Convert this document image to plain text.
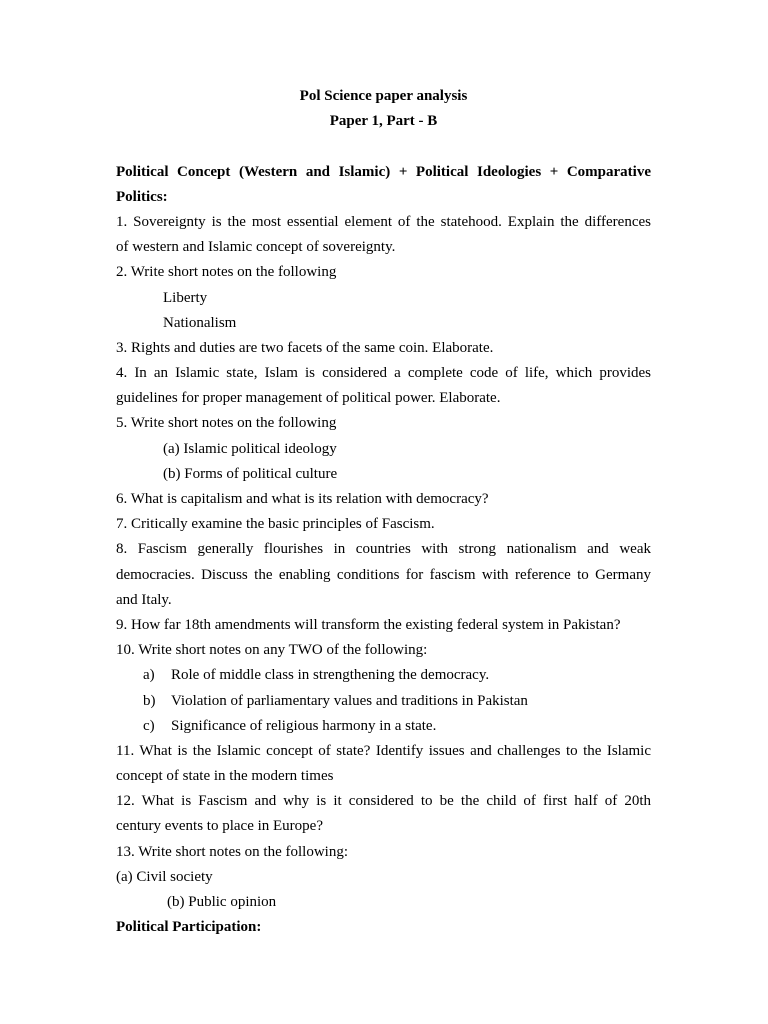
Pol Science paper analysis
Paper 1, Part - B
Political Concept (Western and Islamic) + Political Ideologies + Comparative
Politics:
1. Sovereignty is the most essential element of the statehood. Explain the differences
of western and Islamic concept of sovereignty.
2. Write short notes on the following
Liberty
Nationalism
3. Rights and duties are two facets of the same coin. Elaborate.
4. In an Islamic state, Islam is considered a complete code of life, which provides
guidelines for proper management of political power. Elaborate.
5. Write short notes on the following
(a) Islamic political ideology
(b) Forms of political culture
6. What is capitalism and what is its relation with democracy?
7. Critically examine the basic principles of Fascism.
8. Fascism generally flourishes in countries with strong nationalism and weak
democracies. Discuss the enabling conditions for fascism with reference to Germany
and Italy.
9. How far 18th amendments will transform the existing federal system in Pakistan?
10. Write short notes on any TWO of the following:
a)	Role of middle class in strengthening the democracy.
b)	Violation of parliamentary values and traditions in Pakistan
c)	Significance of religious harmony in a state.
11. What is the Islamic concept of state? Identify issues and challenges to the Islamic
concept of state in the modern times
12. What is Fascism and why is it considered to be the child of first half of 20th
century events to place in Europe?
13. Write short notes on the following:
(a) Civil society
(b) Public opinion
Political Participation:
